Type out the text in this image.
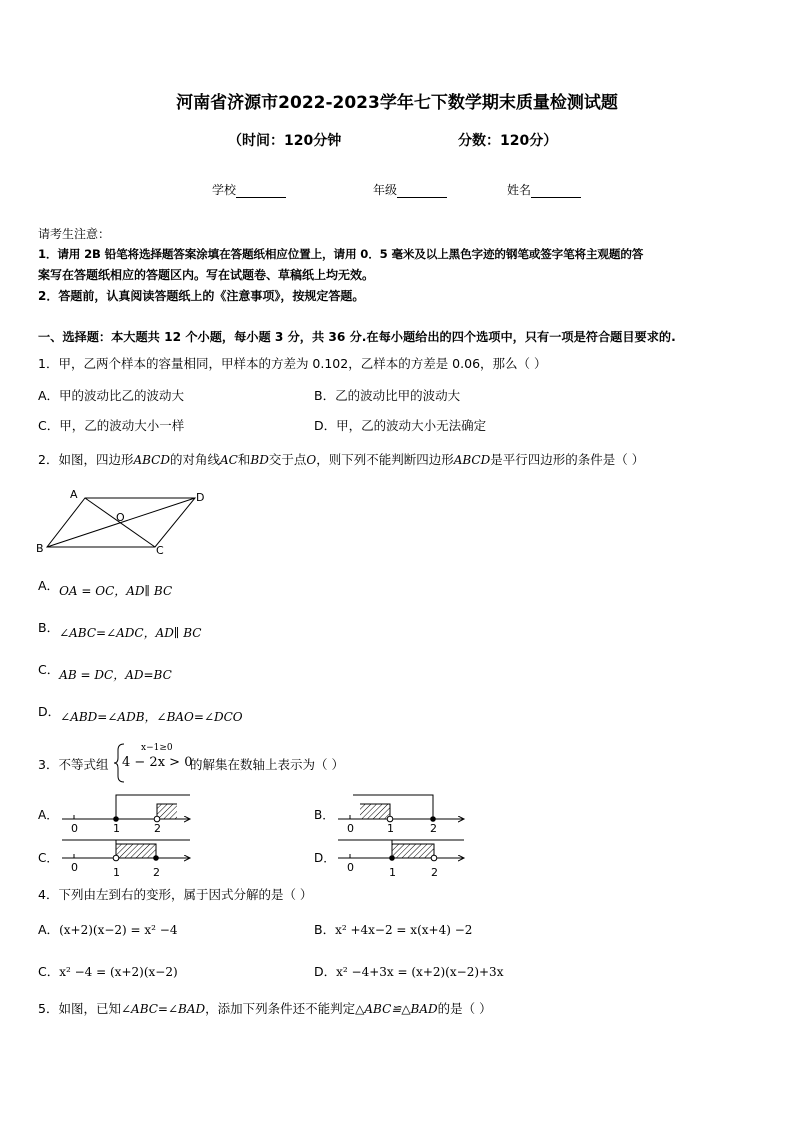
河南省济源市2022-2023学年七下数学期末质量检测试题
（时间：120分钟	分数：120分）
学校	年级	姓名
请考生注意：
1．请用 2B 铅笔将选择题答案涂填在答题纸相应位置上，请用 0．5 毫米及以上黑色字迹的钢笔或签字笔将主观题的答
案写在答题纸相应的答题区内。写在试题卷、草稿纸上均无效。
2．答题前，认真阅读答题纸上的《注意事项》，按规定答题。
一、选择题：本大题共 12 个小题，每小题 3 分，共 36 分.在每小题给出的四个选项中，只有一项是符合题目要求的.
1．甲，乙两个样本的容量相同，甲样本的方差为 0.102，乙样本的方差是 0.06，那么（ ）
A．甲的波动比乙的波动大	B．乙的波动比甲的波动大
C．甲，乙的波动大小一样	D．甲，乙的波动大小无法确定
2．如图，四边形ABCD的对角线AC和BD交于点O，则下列不能判断四边形ABCD是平行四边形的条件是（ ）
A	D
O
B	C
A．OA = OC，AD∥ BC
B．∠ABC=∠ADC，AD∥ BC
C．AB = DC，AD=BC
D．∠ABD=∠ADB，∠BAO=∠DCO
3．不等式组
x−1≥0
4 − 2x > 0
的解集在数轴上表示为（ ）
A．
0	1	2
B．
0	1	2
C．
0	1	2
D．
0	1	2
4．下列由左到右的变形，属于因式分解的是（ ）
A．(x+2)(x−2) = x² −4	B．x² +4x−2 = x(x+4) −2
C．x² −4 = (x+2)(x−2)	D．x² −4+3x = (x+2)(x−2)+3x
5．如图，已知∠ABC=∠BAD，添加下列条件还不能判定△ABC≌△BAD的是（ ）
